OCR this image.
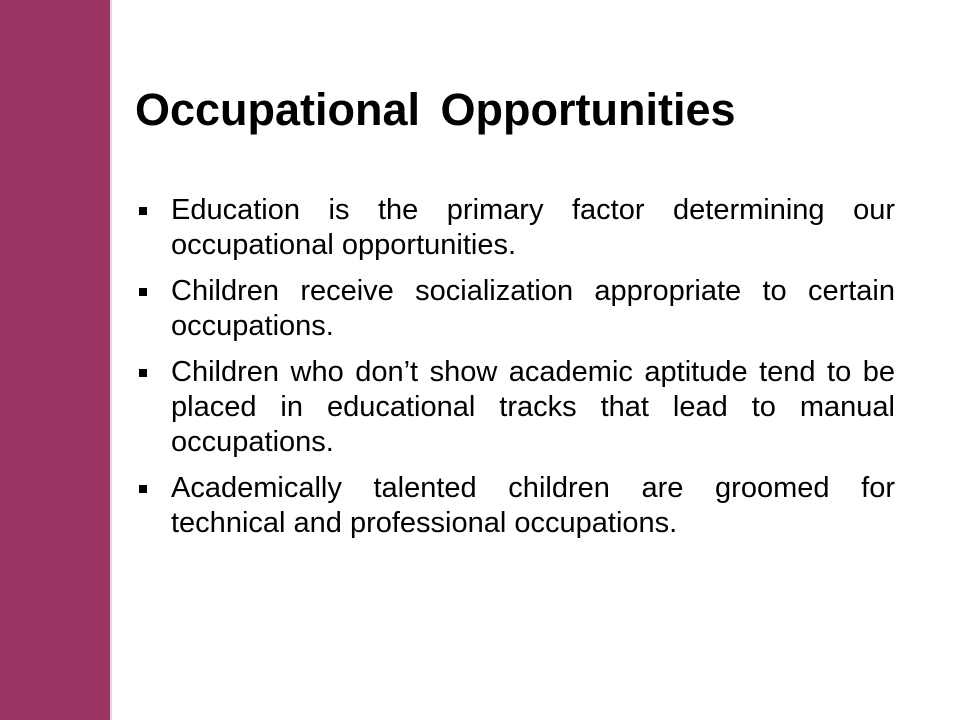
Occupational Opportunities
Education is the primary factor determining our occupational opportunities.
Children receive socialization appropriate to certain occupations.
Children who don’t show academic aptitude tend to be placed in educational tracks that lead to manual occupations.
Academically talented children are groomed for technical and professional occupations.
